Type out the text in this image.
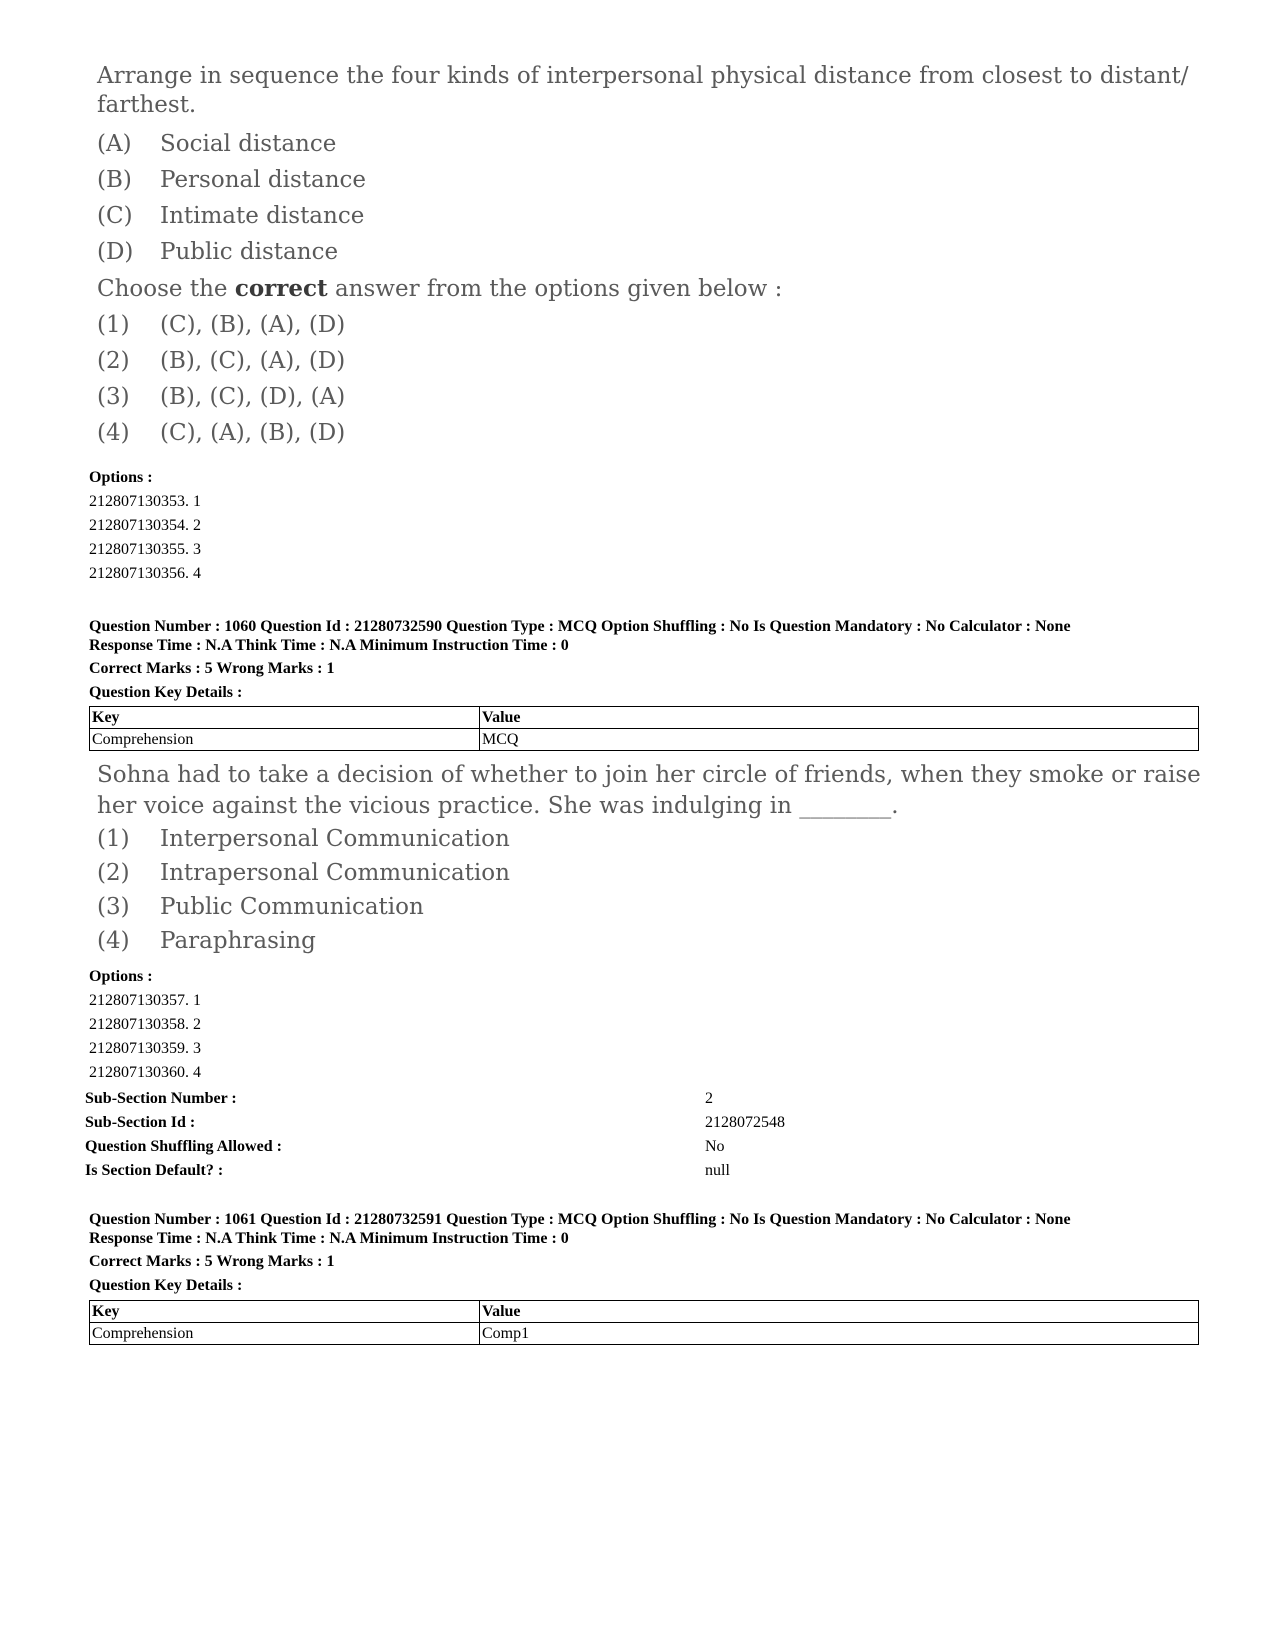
Arrange in sequence the four kinds of interpersonal physical distance from closest to distant/ farthest.

(A)	Social distance
(B)	Personal distance
(C)	Intimate distance
(D)	Public distance
Choose the correct answer from the options given below :
(1)	(C), (B), (A), (D)
(2)	(B), (C), (A), (D)
(3)	(B), (C), (D), (A)
(4)	(C), (A), (B), (D)
Options :
212807130353. 1
212807130354. 2
212807130355. 3
212807130356. 4
Question Number : 1060 Question Id : 21280732590 Question Type : MCQ Option Shuffling : No Is Question Mandatory : No Calculator : None
Response Time : N.A Think Time : N.A Minimum Instruction Time : 0
Correct Marks : 5 Wrong Marks : 1
Question Key Details :
Key	Value
Comprehension	MCQ

Sohna had to take a decision of whether to join her circle of friends, when they smoke or raise her voice against the vicious practice. She was indulging in ________.

(1)	Interpersonal Communication
(2)	Intrapersonal Communication
(3)	Public Communication
(4)	Paraphrasing
Options :
212807130357. 1
212807130358. 2
212807130359. 3
212807130360. 4
Sub-Section Number :	2
Sub-Section Id :	2128072548
Question Shuffling Allowed :	No
Is Section Default? :	null
Question Number : 1061 Question Id : 21280732591 Question Type : MCQ Option Shuffling : No Is Question Mandatory : No Calculator : None
Response Time : N.A Think Time : N.A Minimum Instruction Time : 0
Correct Marks : 5 Wrong Marks : 1
Question Key Details :
Key	Value
Comprehension	Comp1
